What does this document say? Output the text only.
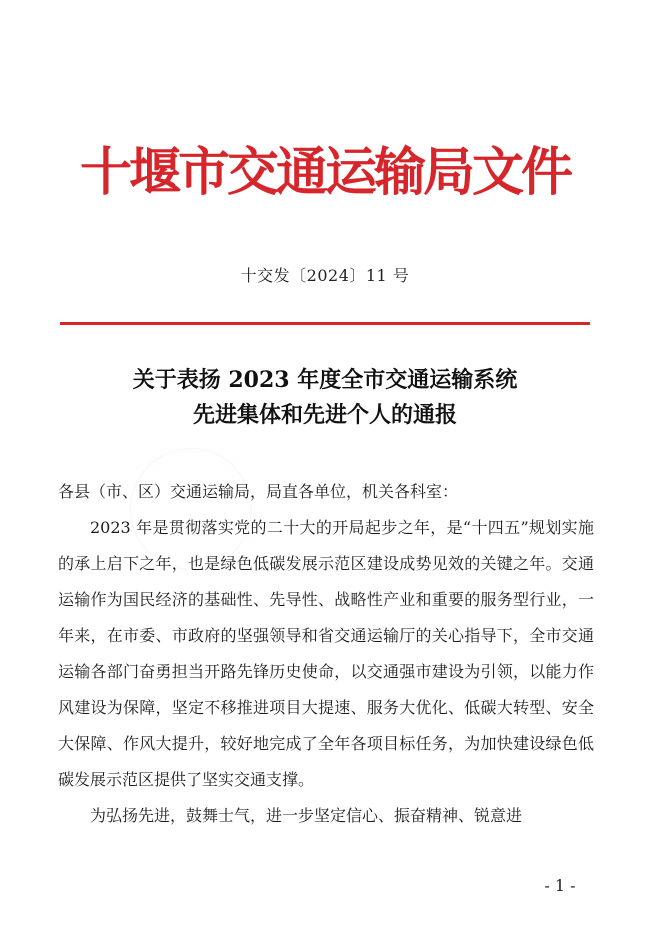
十堰市交通运输局文件
十交发〔2024〕11 号
关于表扬 2023 年度全市交通运输系统
先进集体和先进个人的通报

各县（市、区）交通运输局，局直各单位，机关各科室：

2023 年是贯彻落实党的二十大的开局起步之年，是“十四五”规划实施的承上启下之年，也是绿色低碳发展示范区建设成势见效的关键之年。交通运输作为国民经济的基础性、先导性、战略性产业和重要的服务型行业，一年来，在市委、市政府的坚强领导和省交通运输厅的关心指导下，全市交通运输各部门奋勇担当开路先锋历史使命，以交通强市建设为引领，以能力作风建设为保障，坚定不移推进项目大提速、服务大优化、低碳大转型、安全大保障、作风大提升，较好地完成了全年各项目标任务，为加快建设绿色低碳发展示范区提供了坚实交通支撑。

为弘扬先进，鼓舞士气，进一步坚定信心、振奋精神、锐意进

- 1 -
